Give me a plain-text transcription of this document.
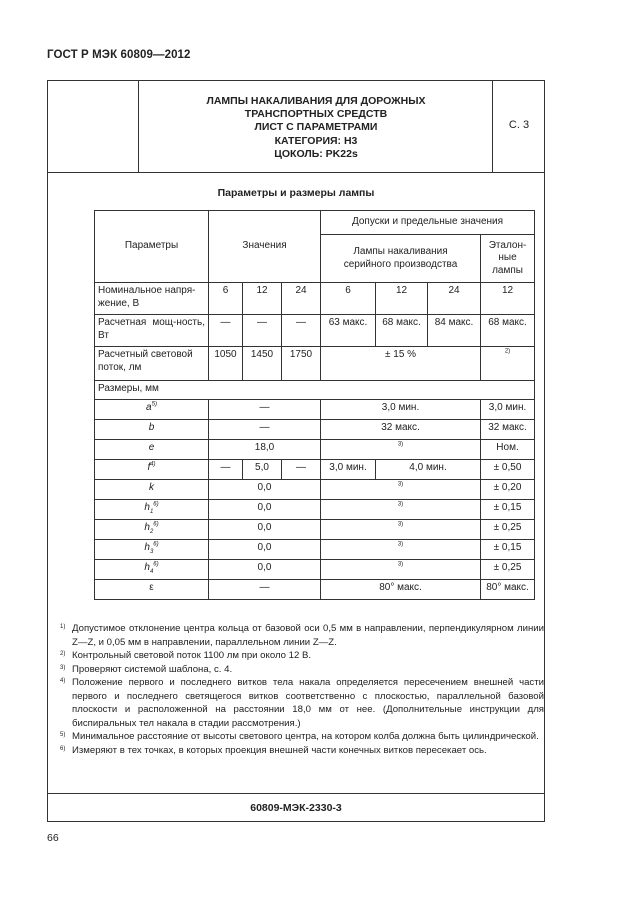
ГОСТ Р МЭК 60809—2012
ЛАМПЫ НАКАЛИВАНИЯ ДЛЯ ДОРОЖНЫХ
ТРАНСПОРТНЫХ СРЕДСТВ
ЛИСТ С ПАРАМЕТРАМИ
КАТЕГОРИЯ: H3
ЦОКОЛЬ: PK22s
С. 3
Параметры и размеры лампы
Параметры	Значения			Допуски и предельные значения			
				Лампы накаливания серийного производства			Эталон-ные лампы
Номинальное напря-жение, В	6	12	24	6	12	24	12
Расчетная мощ-ность, Вт	—	—	—	63 макс.	68 макс.	84 макс.	68 макс.
Расчетный световой поток, лм	1050	1450	1750	± 15 %			$^{2)}$
Размеры, мм							
$a^{5)}$	—			3,0 мин.			3,0 мин.
b	—			32 макс.			32 макс.
e	18,0			$^{3)}$			Ном.
$f^{4)}$	—	5,0	—	3,0 мин.	4,0 мин.		± 0,50
k	0,0			$^{3)}$			± 0,20
$h_1^{6)}$	0,0			$^{3)}$			± 0,15
$h_2^{6)}$	0,0			$^{3)}$			± 0,25
$h_3^{6)}$	0,0			$^{3)}$			± 0,15
$h_4^{6)}$	0,0			$^{3)}$			± 0,25
ε	—			80° макс.			80° макс.
60809-МЭК-2330-3
1) Допустимое отклонение центра кольца от базовой оси 0,5 мм в направлении, перпендикулярном линии Z—Z, и 0,05 мм в направлении, параллельном линии Z—Z.
2) Контрольный световой поток 1100 лм при около 12 В.
3) Проверяют системой шаблона, с. 4.
4) Положение первого и последнего витков тела накала определяется пересечением внешней части первого и последнего светящегося витков соответственно с плоскостью, параллельной базовой плоскости и расположенной на расстоянии 18,0 мм от нее. (Дополнительные инструкции для биспиральных тел накала в стадии рассмотрения.)
5) Минимальное расстояние от высоты светового центра, на котором колба должна быть цилиндрической.
6) Измеряют в тех точках, в которых проекция внешней части конечных витков пересекает ось.
66
